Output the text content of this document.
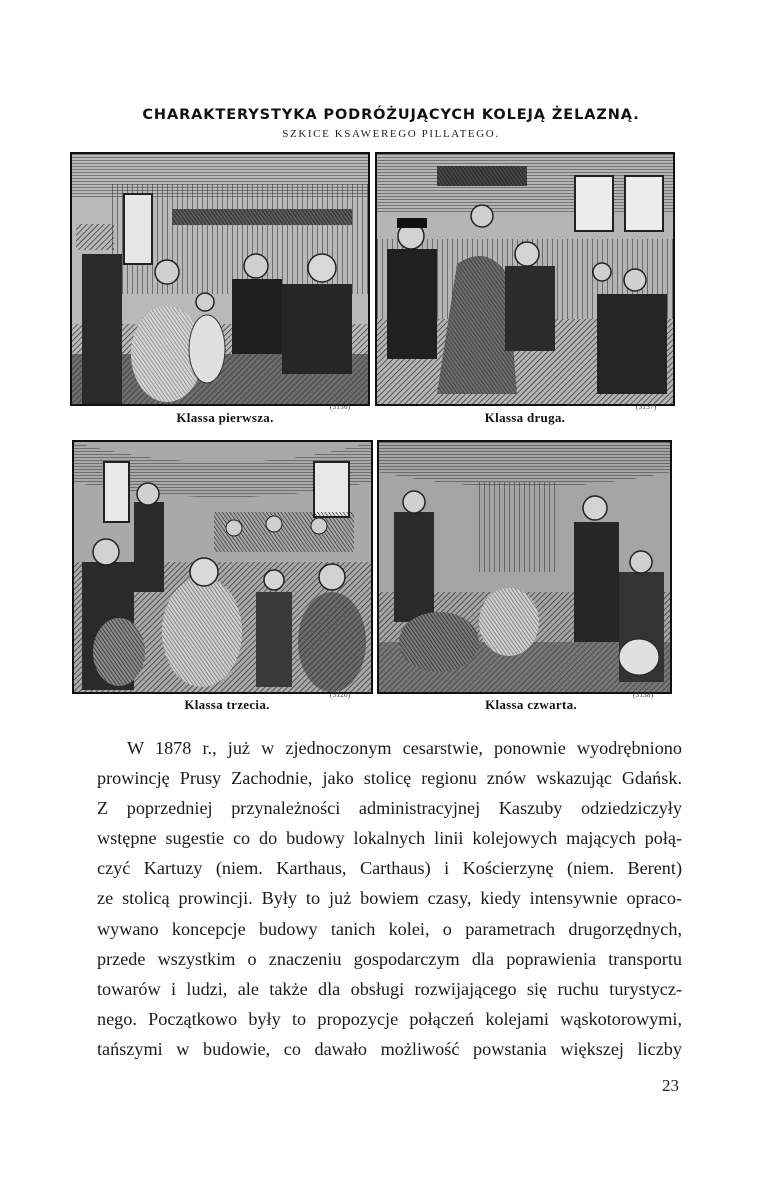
CHARAKTERYSTYKA PODRÓŻUJĄCYCH KOLEJĄ ŻELAZNĄ.
SZKICE KSAWEREGO PILLATEGO.
Klassa pierwsza.
(3136)
Klassa druga.
(3137)
Klassa trzecia.
(3120)
Klassa czwarta.
(3138)
W 1878 r., już w zjednoczonym cesarstwie, ponownie wyodrębniono
prowincję Prusy Zachodnie, jako stolicę regionu znów wskazując Gdańsk.
Z poprzedniej przynależności administracyjnej Kaszuby odziedziczyły
wstępne sugestie co do budowy lokalnych linii kolejowych mających połą-
czyć Kartuzy (niem. Karthaus, Carthaus) i Kościerzynę (niem. Berent)
ze stolicą prowincji. Były to już bowiem czasy, kiedy intensywnie opraco-
wywano koncepcje budowy tanich kolei, o parametrach drugorzędnych,
przede wszystkim o znaczeniu gospodarczym dla poprawienia transportu
towarów i ludzi, ale także dla obsługi rozwijającego się ruchu turystycz-
nego. Początkowo były to propozycje połączeń kolejami wąskotorowymi,
tańszymi w budowie, co dawało możliwość powstania większej liczby
23
